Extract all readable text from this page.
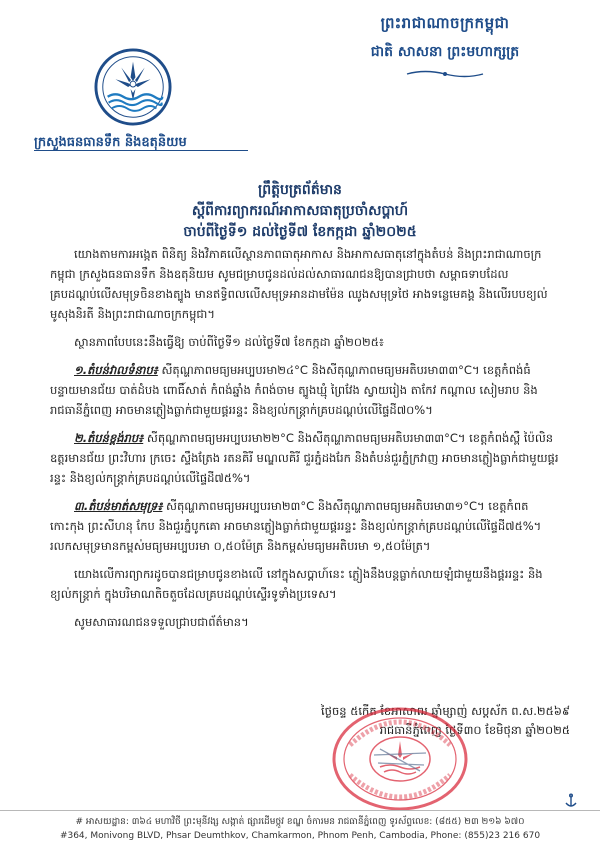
ព្រះរាជាណាចក្រកម្ពុជា
ជាតិ សាសនា ព្រះមហាក្សត្រ
ក្រសួងធនធានទឹក និងឧតុនិយម
ព្រឹត្តិបត្រព័ត៌មាន
ស្តីពីការព្យាករណ៍អាកាសធាតុប្រចាំសប្តាហ៍
ចាប់ពីថ្ងៃទី១ ដល់ថ្ងៃទី៧ ខែកក្កដា ឆ្នាំ២០២៥

យោងតាមការអង្កេត ពិនិត្យ និងវិភាគលើស្ថានភាពធាតុអាកាស និងអាកាសធាតុនៅក្នុងតំបន់ និងព្រះរាជាណាចក្រកម្ពុជា ក្រសួងធនធានទឹក និងឧតុនិយម សូមជម្រាបជូនដល់ដល់សាធារណជនឱ្យបានជ្រាបថា សម្ពាធទាបដែលគ្របដណ្តប់លើសមុទ្រចិនខាងត្បូង មានឥទ្ធិពលលើសមុទ្រអានដាមម៉ែន ឈូងសមុទ្រថៃ អាងទន្លេមេគង្គ និងលើរបបខ្យល់មូសុងនិរតី និងព្រះរាជាណាចក្រកម្ពុជា។

ស្ថានភាពបែបនេះនឹងធ្វើឱ្យ ចាប់ពីថ្ងៃទី១ ដល់ថ្ងៃទី៧ ខែកក្កដា ឆ្នាំ២០២៥៖

១.តំបន់វាលទំនាប៖ សីតុណ្ហភាពមធ្យមអប្បបរមា២៤°C និងសីតុណ្ហភាពមធ្យមអតិបរមា៣៣°C។ ខេត្តកំពង់ធំ បន្ទាយមានជ័យ បាត់ដំបង ពោធិ៍សាត់ កំពង់ឆ្នាំង កំពង់ចាម ត្បូងឃ្មុំ ព្រៃវែង ស្វាយរៀង តាកែវ កណ្តាល សៀមរាប និងរាជធានីភ្នំពេញ អាចមានភ្លៀងធ្លាក់ជាមួយផ្គររន្ទះ និងខ្យល់កន្ត្រាក់គ្របដណ្តប់លើផ្ទៃដី៧០%។

២.តំបន់ខ្ពង់រាប៖ សីតុណ្ហភាពមធ្យមអប្បបរមា២២°C និងសីតុណ្ហភាពមធ្យមអតិបរមា៣៣°C។ ខេត្តកំពង់ស្ពឺ ប៉ៃលិន ឧត្តរមានជ័យ ព្រះវិហារ ក្រចេះ ស្ទឹងត្រែង រតនគិរី មណ្ឌលគិរី ជួរភ្នំដងរែក និងតំបន់ជួរភ្នំក្រវាញ អាចមានភ្លៀងធ្លាក់ជាមួយផ្គររន្ទះ និងខ្យល់កន្ត្រាក់គ្របដណ្តប់លើផ្ទៃដី៧៥%។

៣.តំបន់មាត់សមុទ្រ៖ សីតុណ្ហភាពមធ្យមអប្បបរមា២៣°C និងសីតុណ្ហភាពមធ្យមអតិបរមា៣១°C។ ខេត្តកំពត កោះកុង ព្រះសីហនុ កែប និងជួរភ្នំបូកគោ អាចមានភ្លៀងធ្លាក់ជាមួយផ្គររន្ទះ និងខ្យល់កន្ត្រាក់គ្របដណ្តប់លើផ្ទៃដី៧៥%។ រលកសមុទ្រមានកម្ពស់មធ្យមអប្បបរមា ០,៥០ម៉ែត្រ និងកម្ពស់មធ្យមអតិបរមា ១,៥០ម៉ែត្រ។

យោងលើការព្យាករដូចបានជម្រាបជូនខាងលើ នៅក្នុងសប្តាហ៍នេះ ភ្លៀងនឹងបន្តធ្លាក់លាយឡំជាមួយនឹងផ្គររន្ទះ និងខ្យល់កន្ត្រាក់ ក្នុងបរិមាណតិចតួចដែលគ្របដណ្តប់ស្ទើរទូទាំងប្រទេស។

សូមសាធារណជនទទួលជ្រាបជាព័ត៌មាន។

ថ្ងៃចន្ទ ៥កើត ខែអាសាឍ ឆ្នាំម្សាញ់ សប្តស័ក ព.ស.២៥៦៩
រាជធានីភ្នំពេញ ថ្ងៃទី៣០ ខែមិថុនា ឆ្នាំ២០២៥
# អាសយដ្ឋាន: ៣៦៤ មហាវិថី ព្រះមុនីវង្ស សង្កាត់ ផ្សារដើមថ្កូវ ខណ្ឌ ចំការមន រាជធានីភ្នំពេញ ទូរស័ព្ទលេខ: (៨៥៥) ២៣ ២១៦ ៦៧០
#364, Monivong BLVD, Phsar Deumthkov, Chamkarmon, Phnom Penh, Cambodia, Phone: (855)23 216 670
